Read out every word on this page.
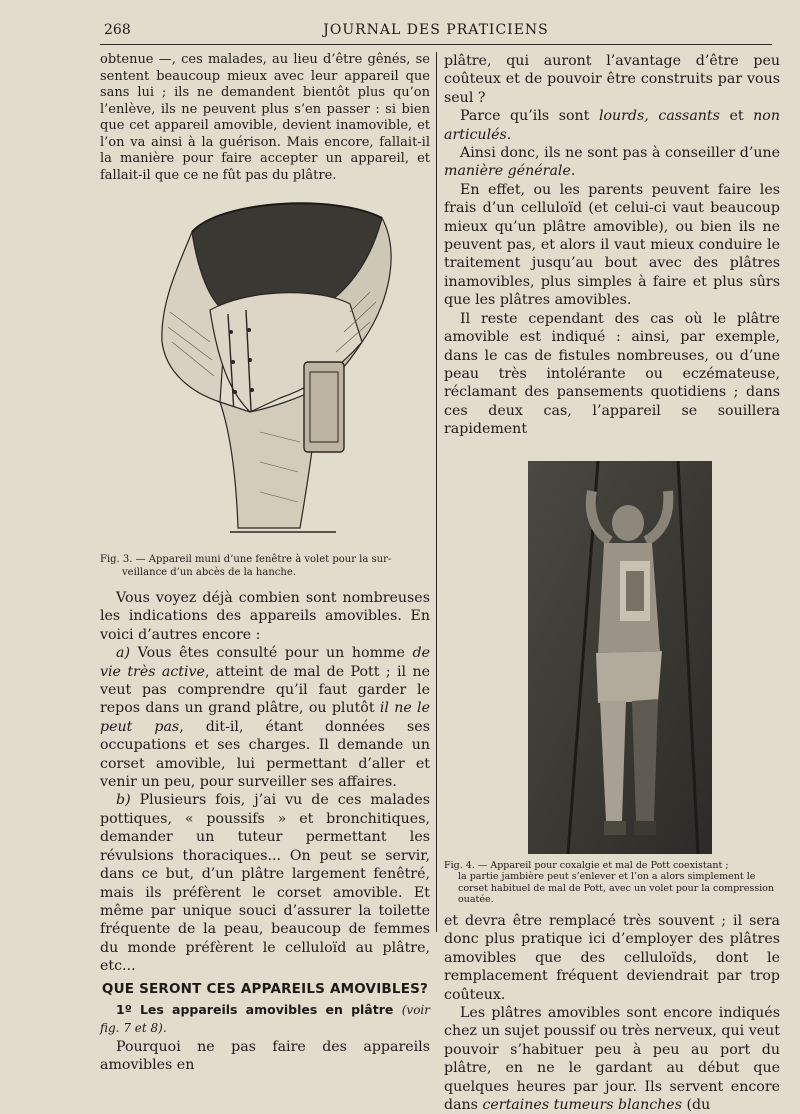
268	JOURNAL DES PRATICIENS

obtenue —, ces malades, au lieu d’être gênés, se sentent beaucoup mieux avec leur appareil que sans lui ; ils ne demandent bientôt plus qu’on l’enlève, ils ne peuvent plus s’en passer : si bien que cet appareil amovible, devient inamovible, et l’on va ainsi à la guérison. Mais encore, fallait-il la manière pour faire accepter un appareil, et fallait-il que ce ne fût pas du plâtre.

Fig. 3. — Appareil muni d’une fenêtre à volet pour la sur-
veillance d’un abcès de la hanche.

Vous voyez déjà combien sont nombreuses les indications des appareils amovibles. En voici d’autres encore :

a) Vous êtes consulté pour un homme de vie très active, atteint de mal de Pott ; il ne veut pas comprendre qu’il faut garder le repos dans un grand plâtre, ou plutôt il ne le peut pas, dit-il, étant données ses occupations et ses charges. Il demande un corset amovible, lui permettant d’aller et venir un peu, pour surveiller ses affaires.

b) Plusieurs fois, j’ai vu de ces malades pottiques, « poussifs » et bronchitiques, demander un tuteur permettant les révulsions thoraciques... On peut se servir, dans ce but, d’un plâtre largement fenêtré, mais ils préfèrent le corset amovible. Et même par unique souci d’assurer la toilette fréquente de la peau, beaucoup de femmes du monde préfèrent le celluloïd au plâtre, etc...

QUE SERONT CES APPAREILS AMOVIBLES?

1º Les appareils amovibles en plâtre (voir fig. 7 et 8).

Pourquoi ne pas faire des appareils amovibles en

plâtre, qui auront l’avantage d’être peu coûteux et de pouvoir être construits par vous seul ?

Parce qu’ils sont lourds, cassants et non articulés.

Ainsi donc, ils ne sont pas à conseiller d’une manière générale.

En effet, ou les parents peuvent faire les frais d’un celluloïd (et celui-ci vaut beaucoup mieux qu’un plâtre amovible), ou bien ils ne peuvent pas, et alors il vaut mieux conduire le traitement jusqu’au bout avec des plâtres inamovibles, plus simples à faire et plus sûrs que les plâtres amovibles.

Il reste cependant des cas où le plâtre amovible est indiqué : ainsi, par exemple, dans le cas de fistules nombreuses, ou d’une peau très intolérante ou eczémateuse, réclamant des pansements quotidiens ; dans ces deux cas, l’appareil se souillera rapidement

Fig. 4. — Appareil pour coxalgie et mal de Pott coexistant ;
la partie jambière peut s’enlever et l’on a alors simplement le corset habituel de mal de Pott, avec un volet pour la compression ouatée.

et devra être remplacé très souvent ; il sera donc plus pratique ici d’employer des plâtres amovibles que des celluloïds, dont le remplacement fréquent deviendrait par trop coûteux.

Les plâtres amovibles sont encore indiqués chez un sujet poussif ou très nerveux, qui veut pouvoir s’habituer peu à peu au port du plâtre, en ne le gardant au début que quelques heures par jour. Ils servent encore dans certaines tumeurs blanches (du
